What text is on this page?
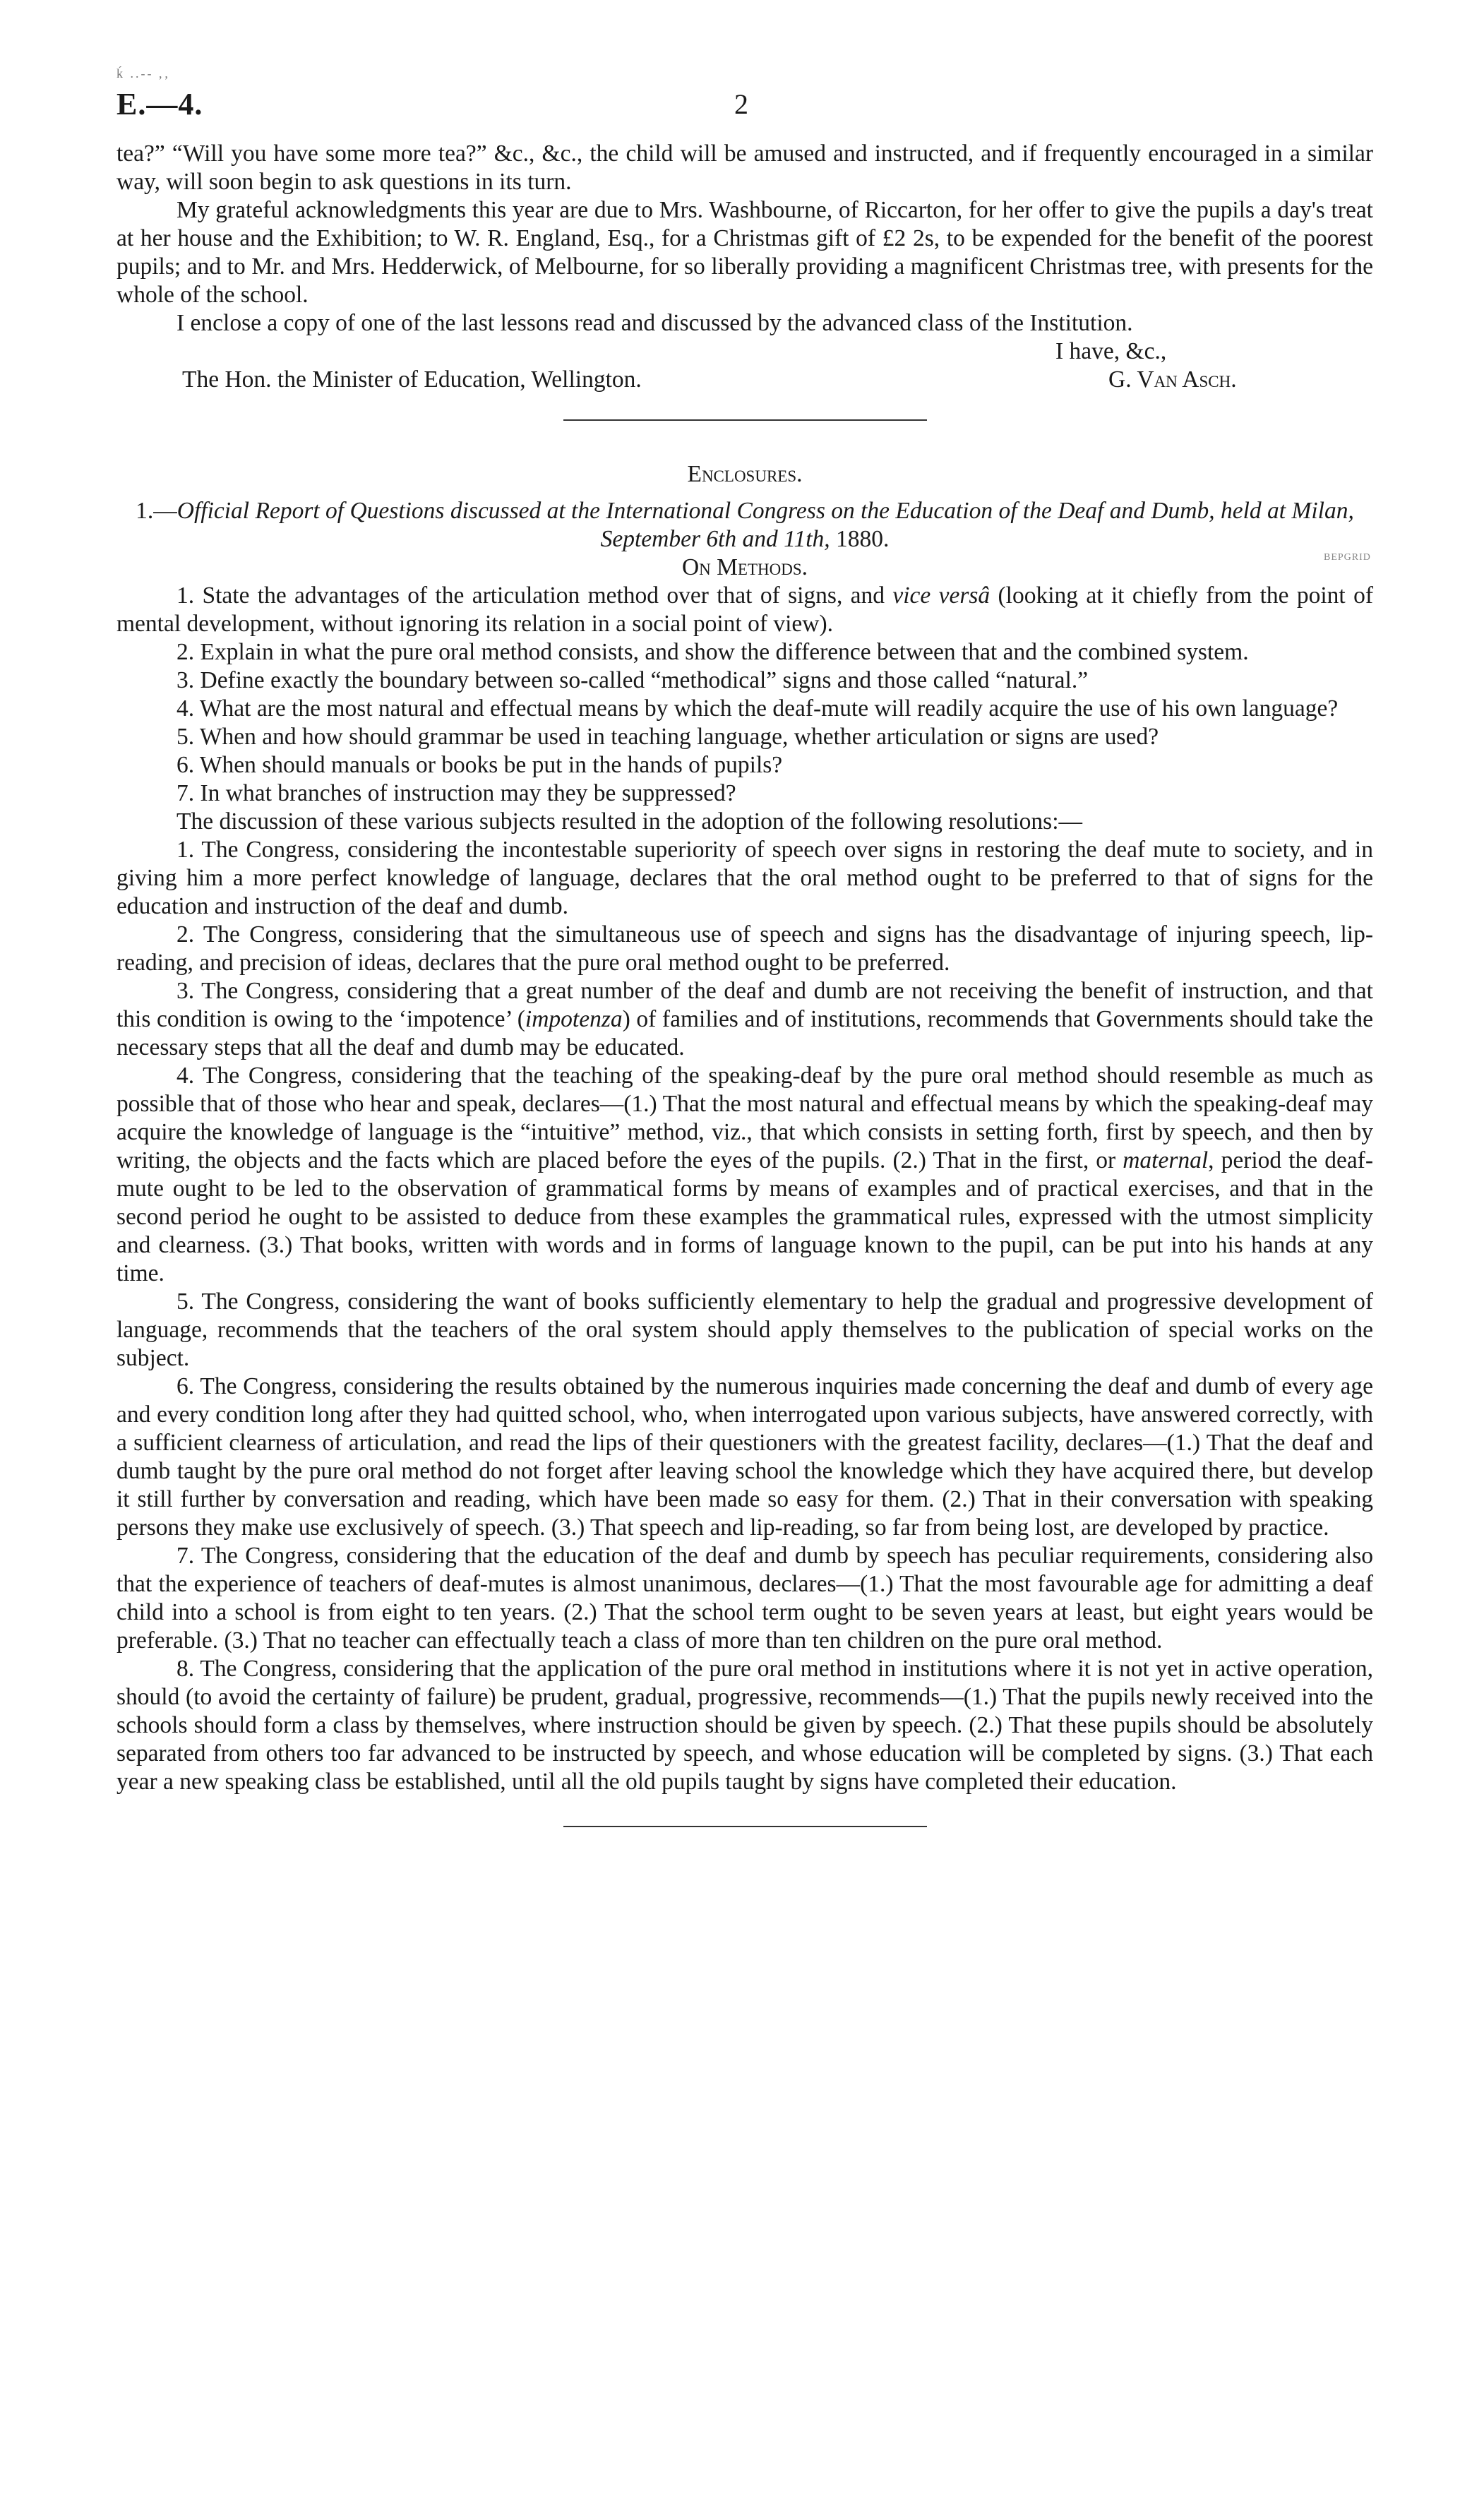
ḱ ..-- ,‚
E.—4.	2

tea?” “Will you have some more tea?” &c., &c., the child will be amused and instructed, and if frequently encouraged in a similar way, will soon begin to ask questions in its turn.

My grateful acknowledgments this year are due to Mrs. Washbourne, of Riccarton, for her offer to give the pupils a day's treat at her house and the Exhibition; to W. R. England, Esq., for a Christmas gift of £2 2s, to be expended for the benefit of the poorest pupils; and to Mr. and Mrs. Hedderwick, of Melbourne, for so liberally providing a magnificent Christmas tree, with presents for the whole of the school.

I enclose a copy of one of the last lessons read and discussed by the advanced class of the Institution.

I have, &c.,
The Hon. the Minister of Education, Wellington.	G. Van Asch.
Enclosures.
1.—Official Report of Questions discussed at the International Congress on the Education of the Deaf and Dumb, held at Milan, September 6th and 11th, 1880.
On Methods.	BEPGRID

1. State the advantages of the articulation method over that of signs, and vice versâ (looking at it chiefly from the point of mental development, without ignoring its relation in a social point of view).

2. Explain in what the pure oral method consists, and show the difference between that and the combined system.

3. Define exactly the boundary between so-called “methodical” signs and those called “natural.”

4. What are the most natural and effectual means by which the deaf-mute will readily acquire the use of his own language?

5. When and how should grammar be used in teaching language, whether articulation or signs are used?

6. When should manuals or books be put in the hands of pupils?

7. In what branches of instruction may they be suppressed?

The discussion of these various subjects resulted in the adoption of the following resolutions:—

1. The Congress, considering the incontestable superiority of speech over signs in restoring the deaf mute to society, and in giving him a more perfect knowledge of language, declares that the oral method ought to be preferred to that of signs for the education and instruction of the deaf and dumb.

2. The Congress, considering that the simultaneous use of speech and signs has the disadvantage of injuring speech, lip-reading, and precision of ideas, declares that the pure oral method ought to be preferred.

3. The Congress, considering that a great number of the deaf and dumb are not receiving the benefit of instruction, and that this condition is owing to the ‘impotence’ (impotenza) of families and of institutions, recommends that Governments should take the necessary steps that all the deaf and dumb may be educated.

4. The Congress, considering that the teaching of the speaking-deaf by the pure oral method should resemble as much as possible that of those who hear and speak, declares—(1.) That the most natural and effectual means by which the speaking-deaf may acquire the knowledge of language is the “intuitive” method, viz., that which consists in setting forth, first by speech, and then by writing, the objects and the facts which are placed before the eyes of the pupils. (2.) That in the first, or maternal, period the deaf-mute ought to be led to the observation of grammatical forms by means of examples and of practical exercises, and that in the second period he ought to be assisted to deduce from these examples the grammatical rules, expressed with the utmost simplicity and clearness. (3.) That books, written with words and in forms of language known to the pupil, can be put into his hands at any time.

5. The Congress, considering the want of books sufficiently elementary to help the gradual and progressive development of language, recommends that the teachers of the oral system should apply themselves to the publication of special works on the subject.

6. The Congress, considering the results obtained by the numerous inquiries made concerning the deaf and dumb of every age and every condition long after they had quitted school, who, when interrogated upon various subjects, have answered correctly, with a sufficient clearness of articulation, and read the lips of their questioners with the greatest facility, declares—(1.) That the deaf and dumb taught by the pure oral method do not forget after leaving school the knowledge which they have acquired there, but develop it still further by conversation and reading, which have been made so easy for them. (2.) That in their conversation with speaking persons they make use exclusively of speech. (3.) That speech and lip-reading, so far from being lost, are developed by practice.

7. The Congress, considering that the education of the deaf and dumb by speech has peculiar requirements, considering also that the experience of teachers of deaf-mutes is almost unanimous, declares—(1.) That the most favourable age for admitting a deaf child into a school is from eight to ten years. (2.) That the school term ought to be seven years at least, but eight years would be preferable. (3.) That no teacher can effectually teach a class of more than ten children on the pure oral method.

8. The Congress, considering that the application of the pure oral method in institutions where it is not yet in active operation, should (to avoid the certainty of failure) be prudent, gradual, progressive, recommends—(1.) That the pupils newly received into the schools should form a class by themselves, where instruction should be given by speech. (2.) That these pupils should be absolutely separated from others too far advanced to be instructed by speech, and whose education will be completed by signs. (3.) That each year a new speaking class be established, until all the old pupils taught by signs have completed their education.
